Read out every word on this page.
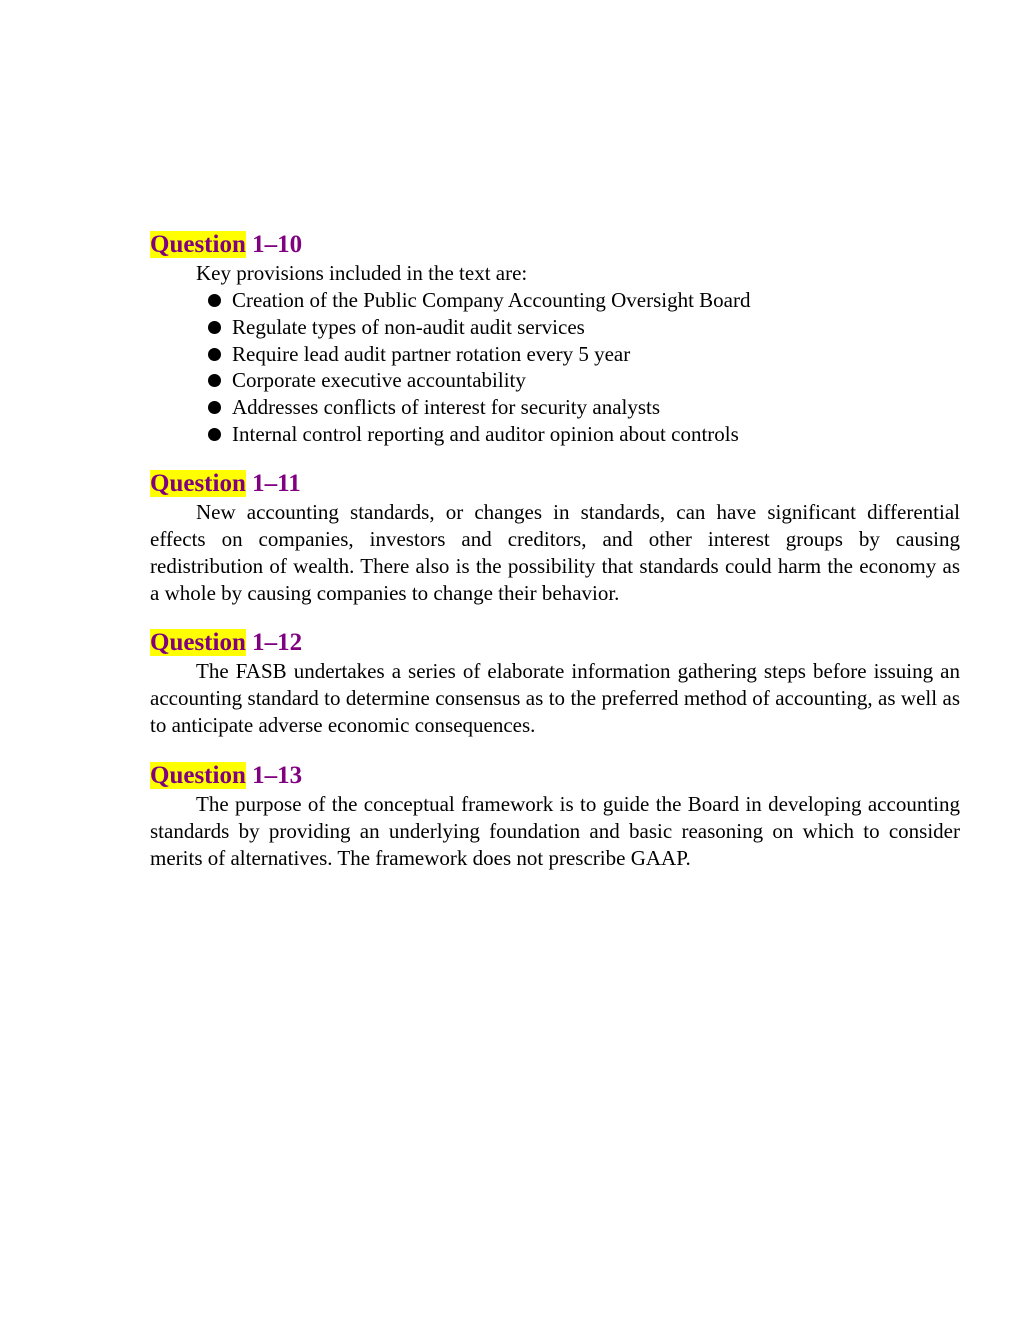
Question 1‒10

Key provisions included in the text are:

Creation of the Public Company Accounting Oversight Board
Regulate types of non-audit audit services
Require lead audit partner rotation every 5 year
Corporate executive accountability
Addresses conflicts of interest for security analysts
Internal control reporting and auditor opinion about controls
Question 1‒11

New accounting standards, or changes in standards, can have significant differential effects on companies, investors and creditors, and other interest groups by causing redistribution of wealth. There also is the possibility that standards could harm the economy as a whole by causing companies to change their behavior.

Question 1‒12

The FASB undertakes a series of elaborate information gathering steps before issuing an accounting standard to determine consensus as to the preferred method of accounting, as well as to anticipate adverse economic consequences.

Question 1‒13

The purpose of the conceptual framework is to guide the Board in developing accounting standards by providing an underlying foundation and basic reasoning on which to consider merits of alternatives. The framework does not prescribe GAAP.
